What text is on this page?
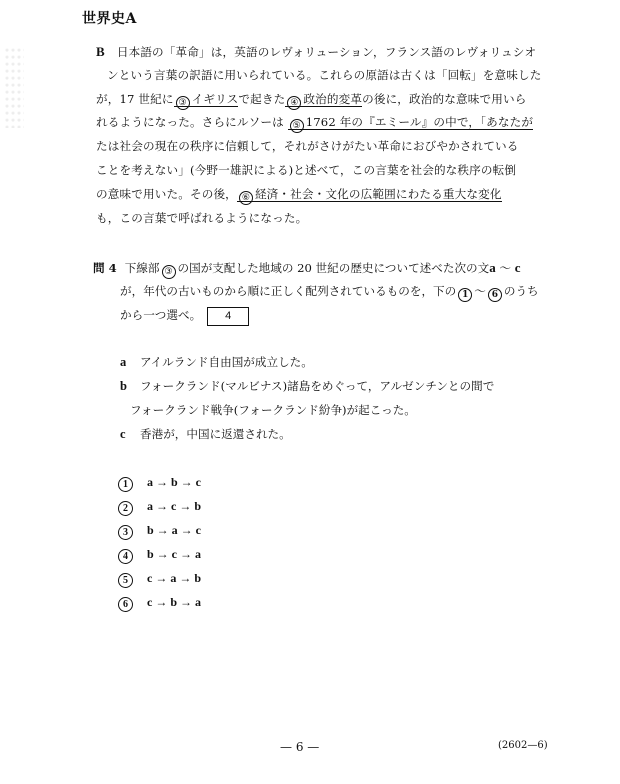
世界史A
B 日本語の「革命」は，英語のレヴォリューション，フランス語のレヴォリュシオ
ンという言葉の訳語に用いられている。これらの原語は古くは「回転」を意味した
が，17 世紀に ③ イギリスで起きた ④ 政治的変革の後に，政治的な意味で用いら
れるようになった。さらにルソーは ⑤ 1762 年の『エミール』の中で，「あなたが
たは社会の現在の秩序に信頼して，それがさけがたい革命におびやかされている
ことを考えない」(今野一雄訳による)と述べて，この言葉を社会的な秩序の転倒
の意味で用いた。その後， ⑥ 経済・社会・文化の広範囲にわたる重大な変化
も，この言葉で呼ばれるようになった。
問 4 下線部 ③ の国が支配した地域の 20 世紀の歴史について述べた次の文a 〜 c
が，年代の古いものから順に正しく配列されているものを，下の 1 〜 6 のうち
から一つ選べ。 4
a アイルランド自由国が成立した。
b フォークランド(マルビナス)諸島をめぐって，アルゼンチンとの間で
フォークランド戦争(フォークランド紛争)が起こった。
c 香港が，中国に返還された。
1 a → b → c
2 a → c → b
3 b → a → c
4 b → c → a
5 c → a → b
6 c → b → a
— 6 —	(2602—6)
